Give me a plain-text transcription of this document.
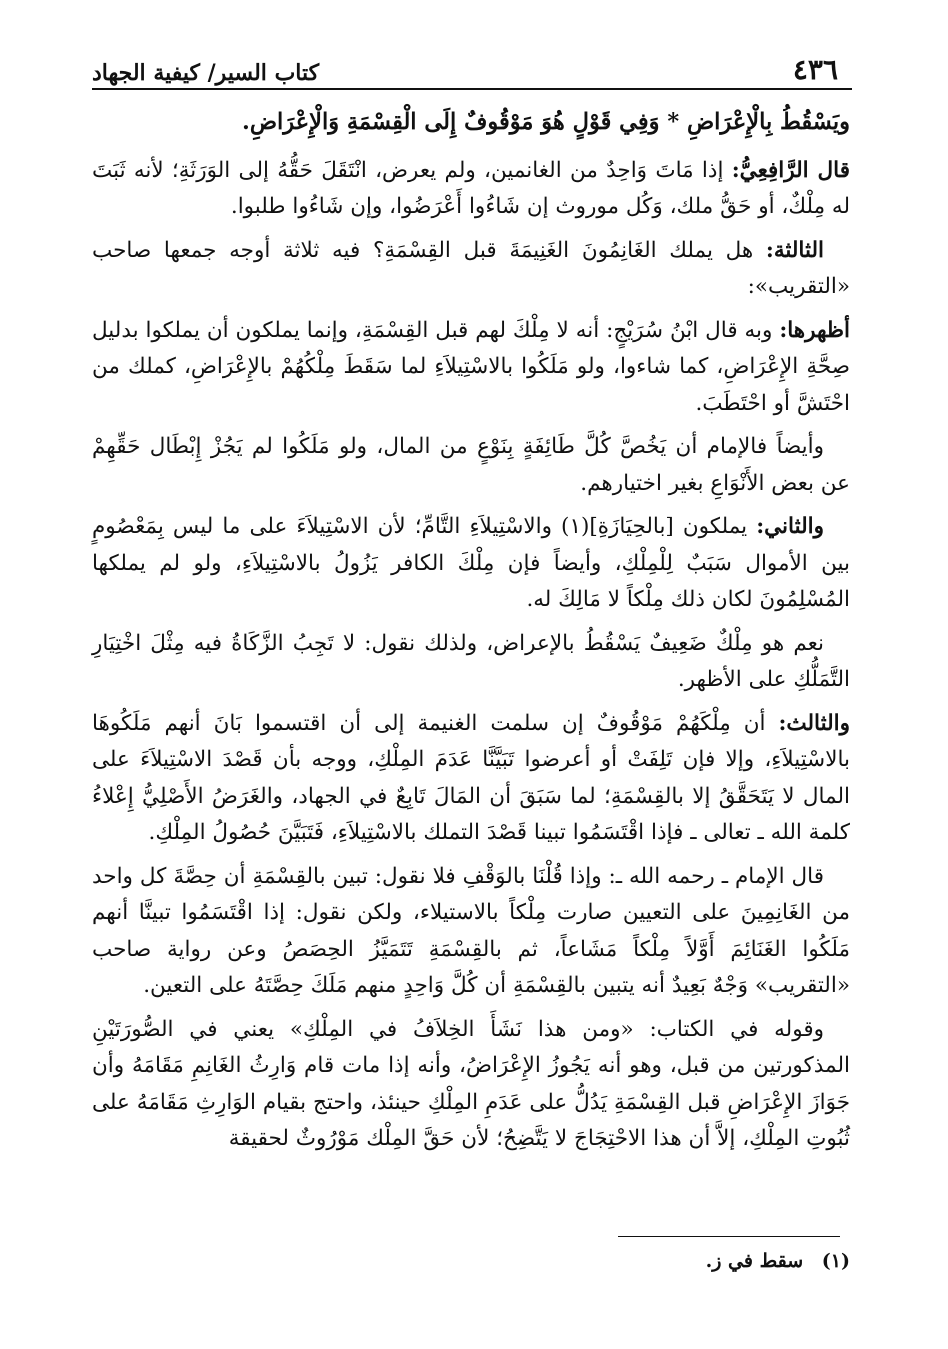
٤٣٦
كتاب السير/ كيفية الجهاد

ويَسْقُطُ بِالْإِعْرَاضِ * وَفِي قَوْلٍ هُوَ مَوْقُوفٌ إِلَى الْقِسْمَةِ وَالْإِعْرَاضِ.

قال الرَّافِعِيُّ: إذا مَاتَ وَاحِدٌ من الغانمين، ولم يعرض، انْتَقَلَ حَقُّهُ إلى الوَرَثَةِ؛ لأنه ثَبَتَ له مِلْكٌ، أو حَقُّ ملك، وَكُل موروث إن شَاءُوا أَعْرَضُوا، وإن شَاءُوا طلبوا.

الثالثة: هل يملك الغَانِمُونَ الغَنِيمَةَ قبل القِسْمَةِ؟ فيه ثلاثة أوجه جمعها صاحب «التقريب»:

أظهرها: وبه قال ابْنُ سُرَيْجٍ: أنه لا مِلْكَ لهم قبل القِسْمَةِ، وإنما يملكون أن يملكوا بدليل صِحَّةِ الإِعْرَاضِ، كما شاءوا، ولو مَلَكُوا بالاسْتِيلاَءِ لما سَقَطَ مِلْكُهُمْ بالإِعْرَاضِ، كملك من احْتَشَّ أو احْتَطَبَ.

وأيضاً فالإمام أن يَخُصَّ كُلَّ طَائِفَةٍ بِنَوْعٍ من المال، ولو مَلَكُوا لم يَجُزْ إِبْطَال حَقِّهِمْ عن بعض الأَنْوَاعِ بغير اختيارهم.

والثاني: يملكون [بالحِيَازَةِ](١) والاسْتِيلاَءِ التَّامِّ؛ لأن الاسْتِيلاَءَ على ما ليس بِمَعْصُومٍ بين الأموال سَبَبٌ لِلْمِلْكِ، وأيضاً فإن مِلْكَ الكافر يَزُولُ بالاسْتِيلاَءِ، ولو لم يملكها المُسْلِمُونَ لكان ذلك مِلْكاً لا مَالِكَ له.

نعم هو مِلْكٌ ضَعِيفٌ يَسْقُطُ بالإعراض، ولذلك نقول: لا تَجِبُ الزَّكَاةُ فيه مِثْلَ اخْتِيَارِ التَّمَلُّكِ على الأظهر.

والثالث: أن مِلْكَهُمْ مَوْقُوفٌ إن سلمت الغنيمة إلى أن اقتسموا بَانَ أنهم مَلَكُوهَا بالاسْتِيلاَءِ، وإلا فإن تَلِفَتْ أو أعرضوا تَبَيَّنَّا عَدَمَ المِلْكِ، ووجه بأن قَصْدَ الاسْتِيلاَءَ على المال لا يَتَحَقَّقُ إلا بالقِسْمَةِ؛ لما سَبَقَ أن المَالَ تَابِعٌ في الجهاد، والغَرَضُ الأَصْلِيُّ إِعْلاءُ كلمة الله ـ تعالى ـ فإذا اقْتَسَمُوا تبينا قَصْدَ التملك بالاسْتِيلاَءِ، فَتَبَيَّنَ حُصُولُ المِلْكِ.

قال الإمام ـ رحمه الله ـ: وإذا قُلْنَا بالوَقْفِ فلا نقول: تبين بالقِسْمَةِ أن حِصَّةَ كل واحد من الغَانِمِينَ على التعيين صارت مِلْكاً بالاستيلاء، ولكن نقول: إذا اقْتَسَمُوا تبينَّا أنهم مَلَكُوا الغَنَائِمَ أَوَّلاً مِلْكاً مَشَاعاً، ثم بالقِسْمَةِ تَتَمَيَّزُ الحِصَصُ وعن رواية صاحب «التقريب» وَجْهٌ بَعِيدٌ أنه يتبين بالقِسْمَةِ أن كُلَّ وَاحِدٍ منهم مَلَكَ حِصَّتَهُ على التعين.

وقوله في الكتاب: «ومن هذا نَشَأَ الخِلاَفُ في المِلْكِ» يعني في الصُّورَتَيْنِ المذكورتين من قبل، وهو أنه يَجُوزُ الإِعْرَاضُ، وأنه إذا مات قام وَارِثُ الغَانِمِ مَقَامَهُ وأن جَوَازَ الإِعْرَاضِ قبل القِسْمَةِ يَدُلُّ على عَدَمِ المِلْكِ حينئذ، واحتج بقيام الوَارِثِ مَقَامَهُ على ثُبُوتِ المِلْكِ، إلاَّ أن هذا الاحْتِجَاجَ لا يَتَّضِحُ؛ لأن حَقَّ المِلْك مَوْرُوثٌ لحقيقة

(١) سقط في ز.
